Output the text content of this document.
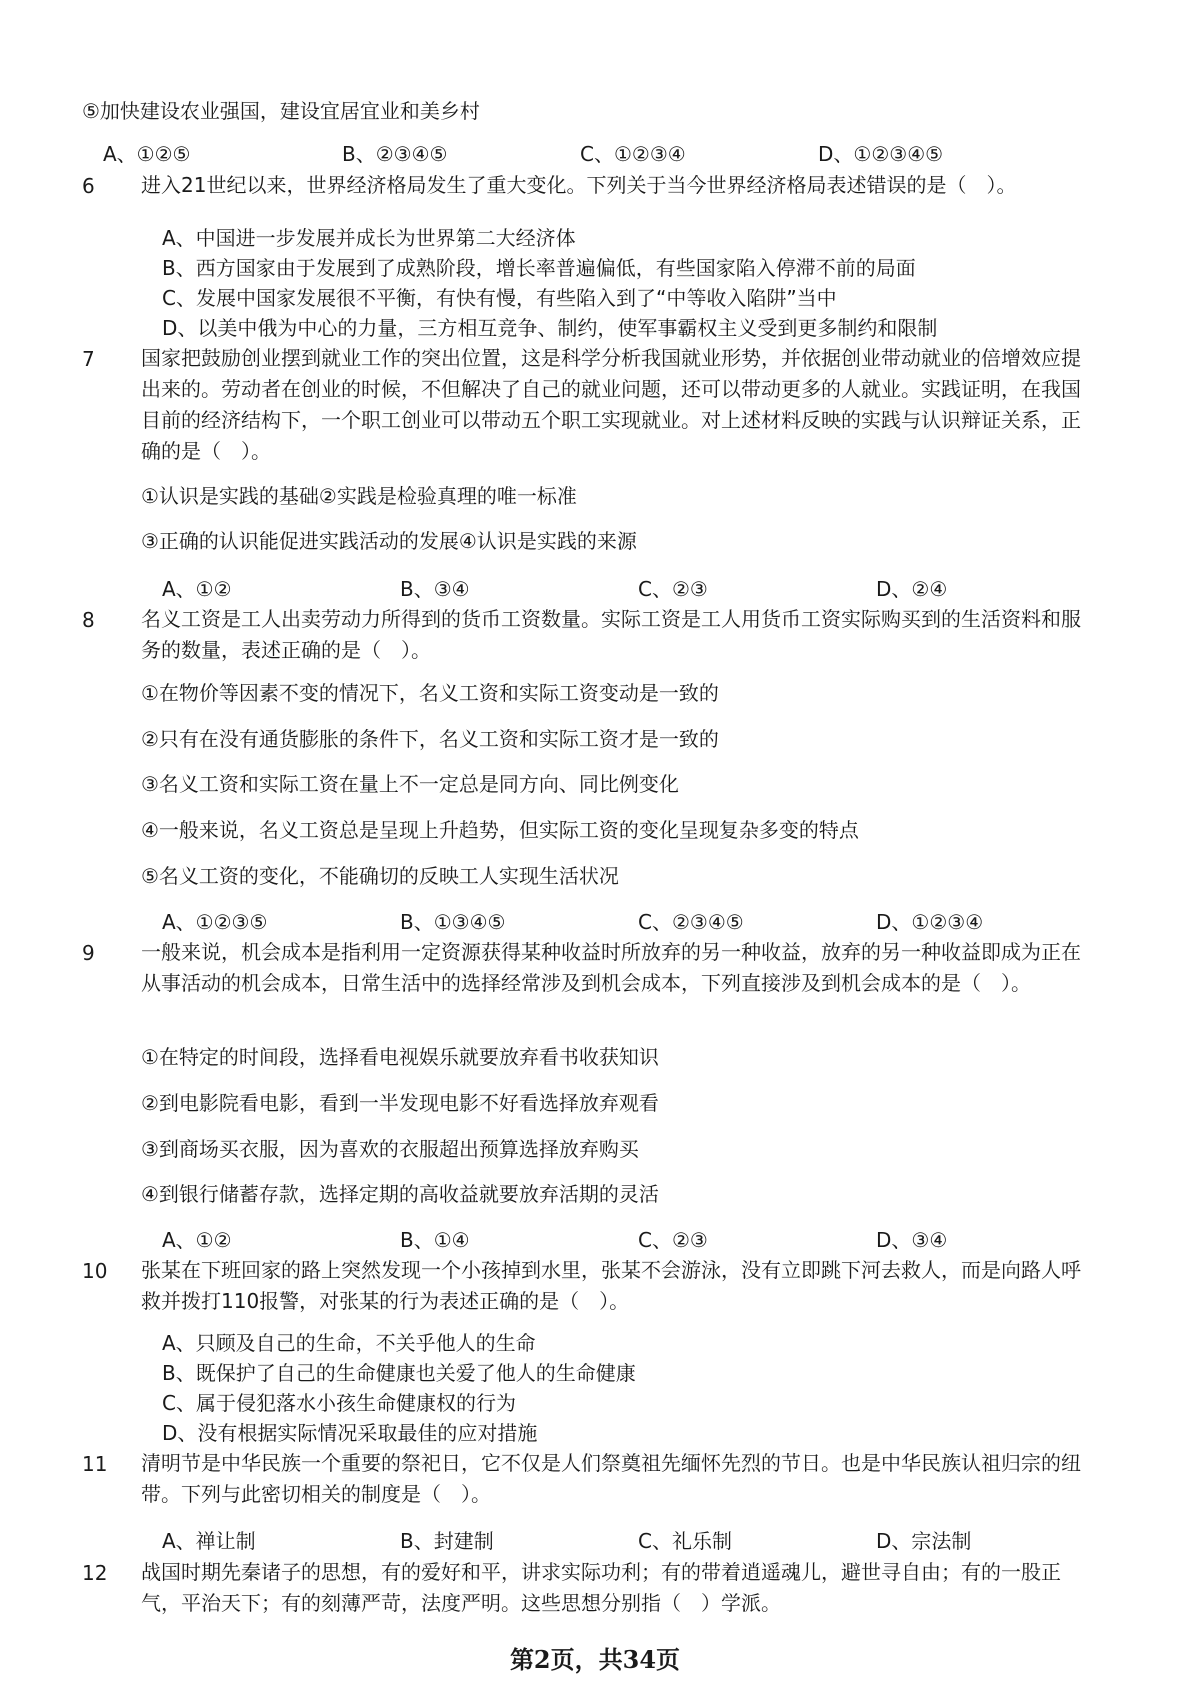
⑤加快建设农业强国，建设宜居宜业和美乡村
A、①②⑤	B、②③④⑤	C、①②③④	D、①②③④⑤
6 进入21世纪以来，世界经济格局发生了重大变化。下列关于当今世界经济格局表述错误的是（　）。
A、中国进一步发展并成长为世界第二大经济体
B、西方国家由于发展到了成熟阶段，增长率普遍偏低，有些国家陷入停滞不前的局面
C、发展中国家发展很不平衡，有快有慢，有些陷入到了“中等收入陷阱”当中
D、以美中俄为中心的力量，三方相互竞争、制约，使军事霸权主义受到更多制约和限制
7 国家把鼓励创业摆到就业工作的突出位置，这是科学分析我国就业形势，并依据创业带动就业的倍增效应提出来的。劳动者在创业的时候，不但解决了自己的就业问题，还可以带动更多的人就业。实践证明，在我国目前的经济结构下，一个职工创业可以带动五个职工实现就业。对上述材料反映的实践与认识辩证关系，正确的是（　）。
①认识是实践的基础②实践是检验真理的唯一标准
③正确的认识能促进实践活动的发展④认识是实践的来源
A、①②	B、③④	C、②③	D、②④
8 名义工资是工人出卖劳动力所得到的货币工资数量。实际工资是工人用货币工资实际购买到的生活资料和服务的数量，表述正确的是（　）。
①在物价等因素不变的情况下，名义工资和实际工资变动是一致的
②只有在没有通货膨胀的条件下，名义工资和实际工资才是一致的
③名义工资和实际工资在量上不一定总是同方向、同比例变化
④一般来说，名义工资总是呈现上升趋势，但实际工资的变化呈现复杂多变的特点
⑤名义工资的变化，不能确切的反映工人实现生活状况
A、①②③⑤	B、①③④⑤	C、②③④⑤	D、①②③④
9 一般来说，机会成本是指利用一定资源获得某种收益时所放弃的另一种收益，放弃的另一种收益即成为正在从事活动的机会成本，日常生活中的选择经常涉及到机会成本，下列直接涉及到机会成本的是（　）。
①在特定的时间段，选择看电视娱乐就要放弃看书收获知识
②到电影院看电影，看到一半发现电影不好看选择放弃观看
③到商场买衣服，因为喜欢的衣服超出预算选择放弃购买
④到银行储蓄存款，选择定期的高收益就要放弃活期的灵活
A、①②	B、①④	C、②③	D、③④
10 张某在下班回家的路上突然发现一个小孩掉到水里，张某不会游泳，没有立即跳下河去救人，而是向路人呼救并拨打110报警，对张某的行为表述正确的是（　）。
A、只顾及自己的生命，不关乎他人的生命
B、既保护了自己的生命健康也关爱了他人的生命健康
C、属于侵犯落水小孩生命健康权的行为
D、没有根据实际情况采取最佳的应对措施
11 清明节是中华民族一个重要的祭祀日，它不仅是人们祭奠祖先缅怀先烈的节日。也是中华民族认祖归宗的纽带。下列与此密切相关的制度是（　）。
A、禅让制	B、封建制	C、礼乐制	D、宗法制
12 战国时期先秦诸子的思想，有的爱好和平，讲求实际功利；有的带着逍遥魂儿，避世寻自由；有的一股正气，平治天下；有的刻薄严苛，法度严明。这些思想分别指（　）学派。
第2页，共34页
